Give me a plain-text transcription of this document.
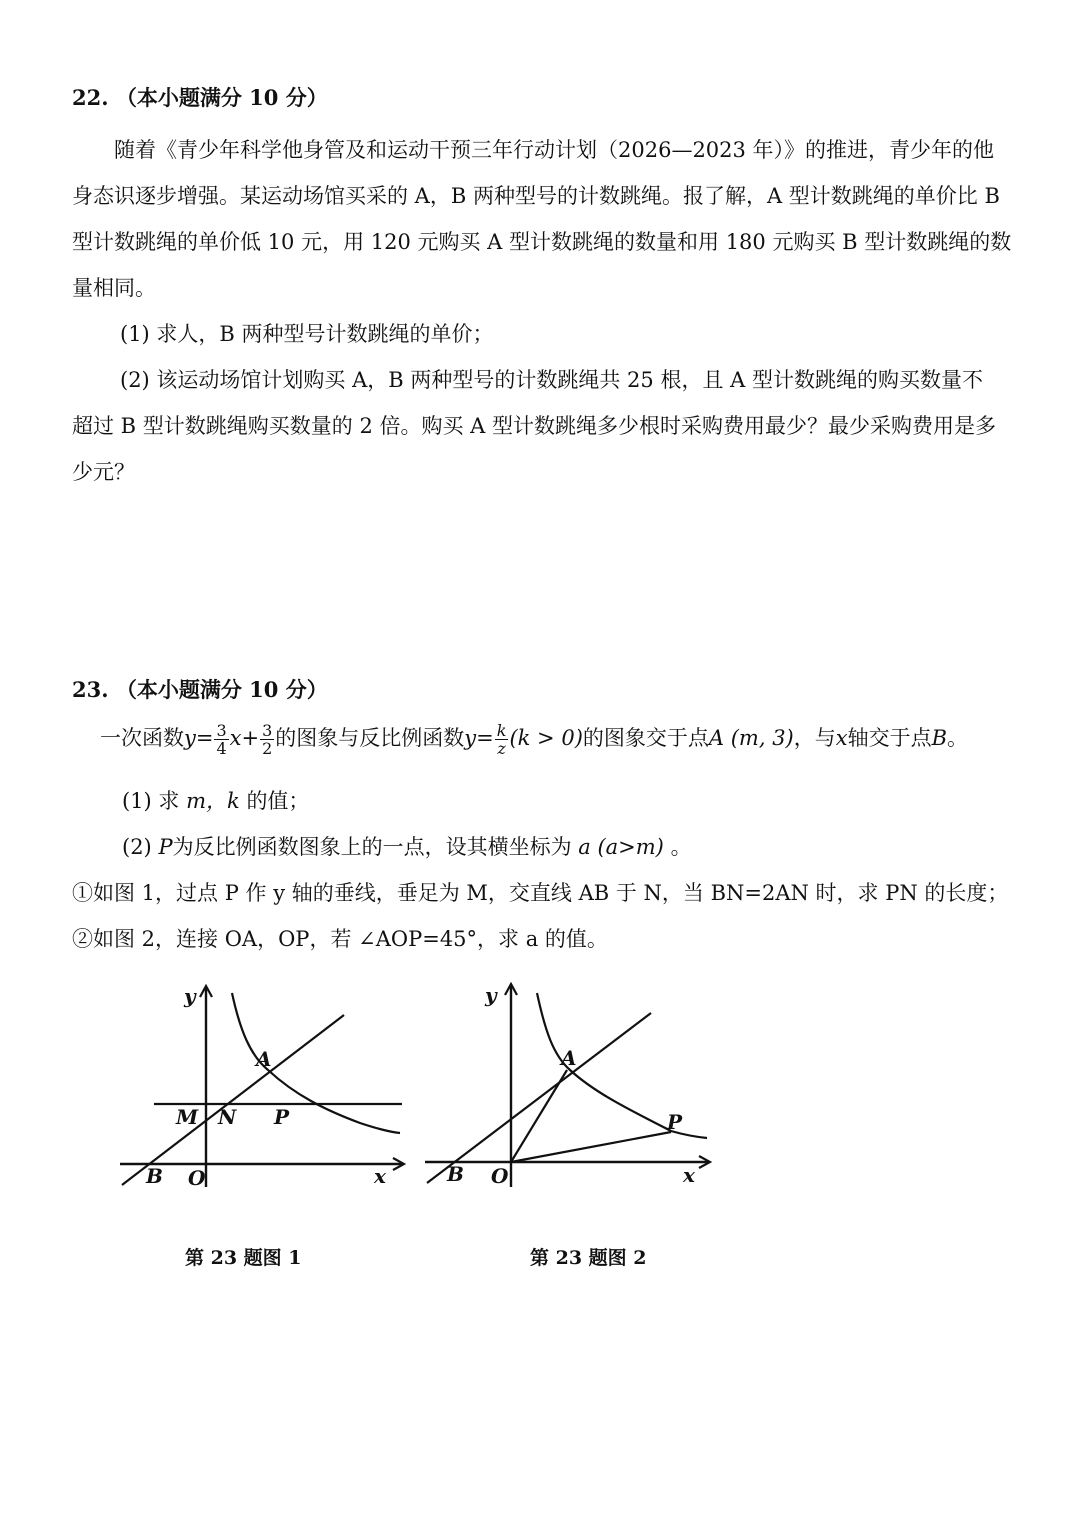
22. （本小题满分 10 分）
随着《青少年科学他身管及和运动干预三年行动计划（2026—2023 年）》的推进，青少年的他
身态识逐步增强。某运动场馆买采的 A，B 两种型号的计数跳绳。报了解，A 型计数跳绳的单价比 B
型计数跳绳的单价低 10 元，用 120 元购买 A 型计数跳绳的数量和用 180 元购买 B 型计数跳绳的数
量相同。
(1) 求人，B 两种型号计数跳绳的单价；
(2) 该运动场馆计划购买 A，B 两种型号的计数跳绳共 25 根，且 A 型计数跳绳的购买数量不
超过 B 型计数跳绳购买数量的 2 倍。购买 A 型计数跳绳多少根时采购费用最少？最少采购费用是多
少元？
23. （本小题满分 10 分）
一次函数$y= \frac{3}{4} x+ \frac{3}{2}$ 的图象与反比例函数$y= \frac{k}{z} (k > 0)$的图象交于点A (m, 3)，与x轴交于点B。
(1) 求 m，k 的值；
(2) P为反比例函数图象上的一点，设其横坐标为 a (a>m) 。
①如图 1，过点 P 作 y 轴的垂线，垂足为 M，交直线 AB 于 N，当 BN=2AN 时，求 PN 的长度；
②如图 2，连接 OA，OP，若 ∠AOP=45°，求 a 的值。
y
x
A
M N P
B O
y
x
A
P
B O
第 23 题图 1	第 23 题图 2
